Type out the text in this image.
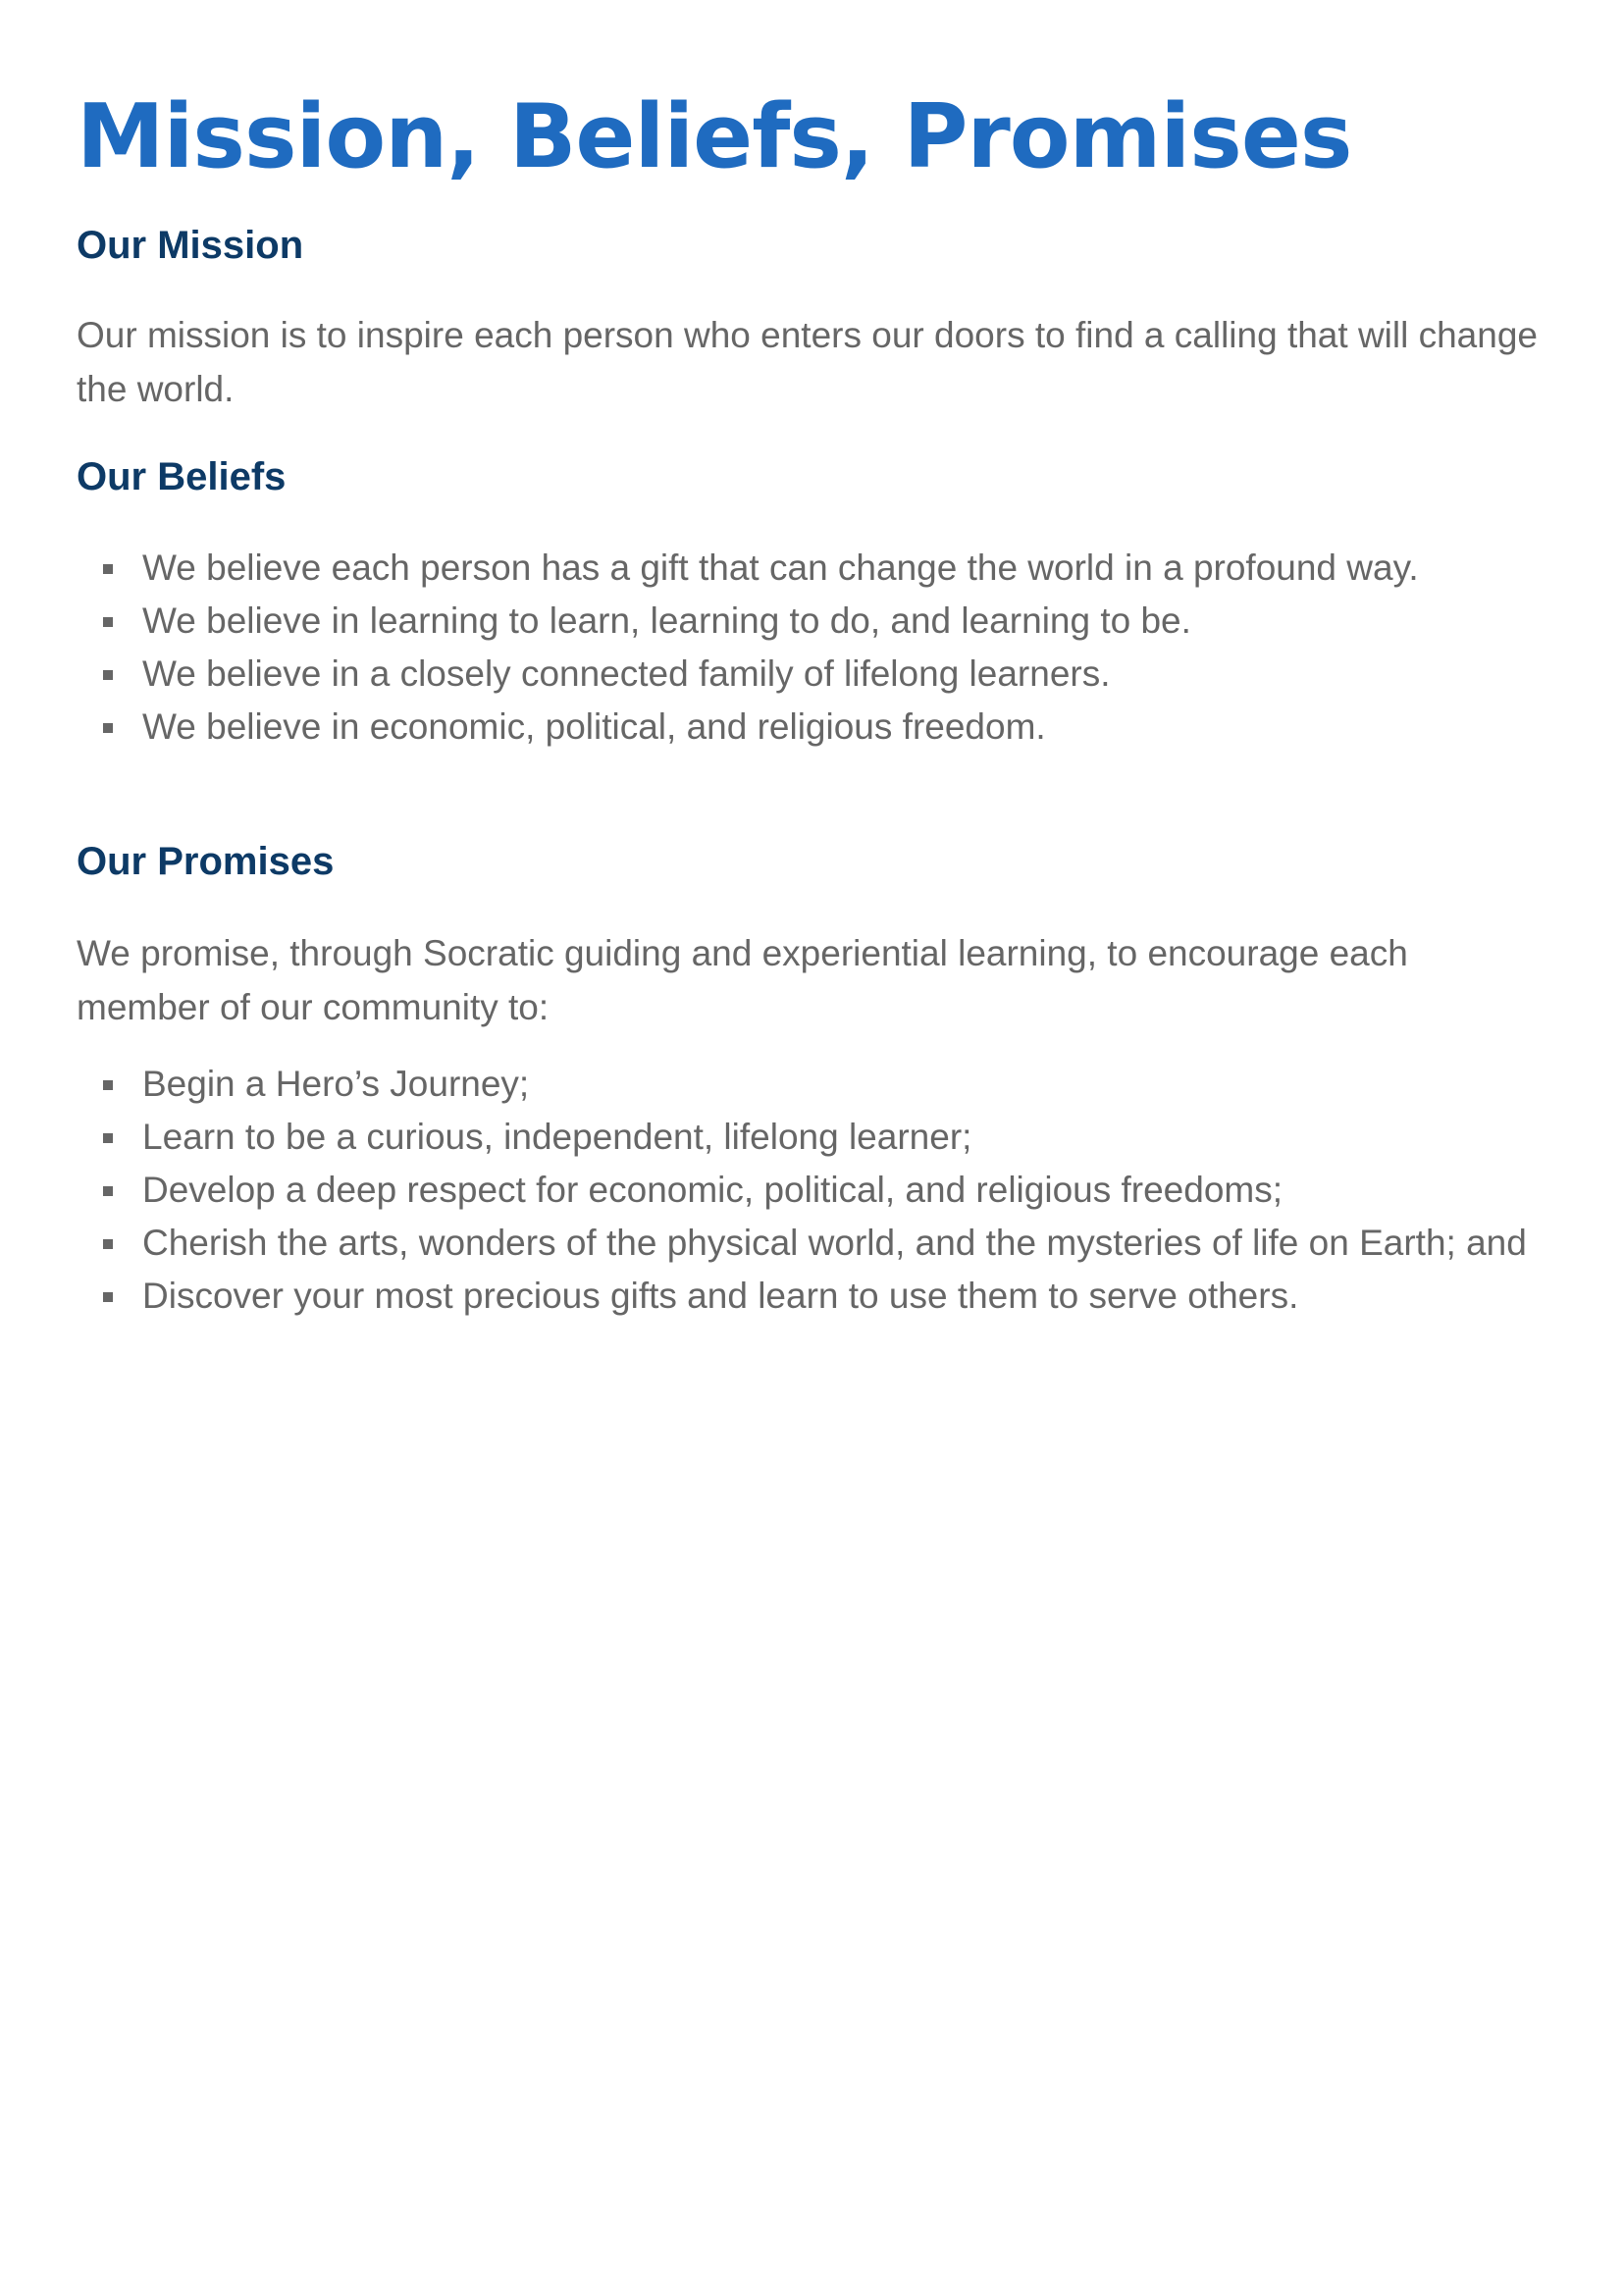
Mission, Beliefs, Promises
Our Mission

Our mission is to inspire each person who enters our doors to find a calling that will change the world.

Our Beliefs
We believe each person has a gift that can change the world in a profound way.
We believe in learning to learn, learning to do, and learning to be.
We believe in a closely connected family of lifelong learners.
We believe in economic, political, and religious freedom.
Our Promises

We promise, through Socratic guiding and experiential learning, to encourage each member of our community to:

Begin a Hero’s Journey;
Learn to be a curious, independent, lifelong learner;
Develop a deep respect for economic, political, and religious freedoms;
Cherish the arts, wonders of the physical world, and the mysteries of life on Earth; and
Discover your most precious gifts and learn to use them to serve others.
